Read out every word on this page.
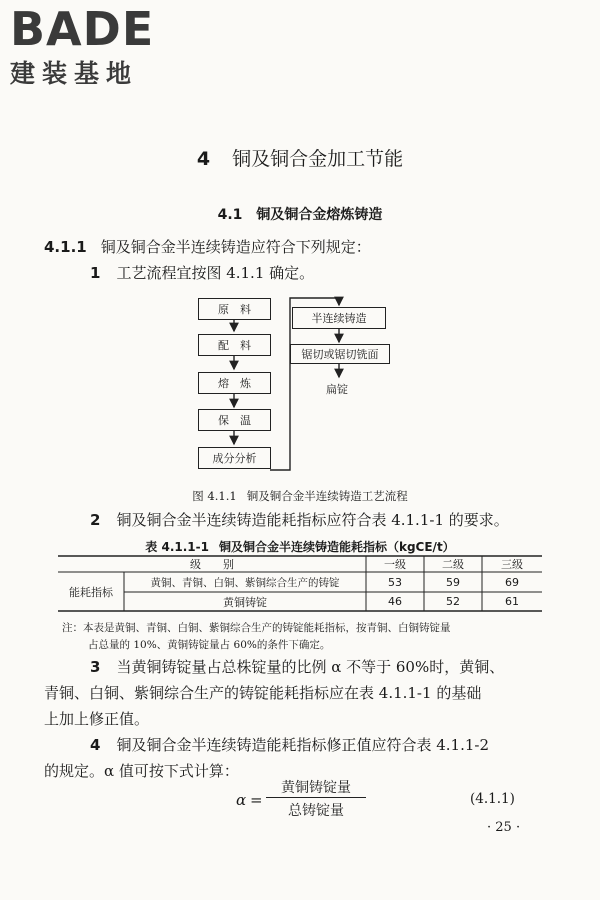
BADE
建装基地
4 铜及铜合金加工节能
4.1 铜及铜合金熔炼铸造
4.1.1 铜及铜合金半连续铸造应符合下列规定：
1 工艺流程宜按图 4.1.1 确定。
原　料
配　料
熔　炼
保　温
成分分析
半连续铸造
锯切或锯切铣面
扁锭
图 4.1.1 铜及铜合金半连续铸造工艺流程
2 铜及铜合金半连续铸造能耗指标应符合表 4.1.1-1 的要求。
表 4.1.1-1 铜及铜合金半连续铸造能耗指标（kgCE/t）
级　　别	一级	二级	三级
能耗指标
黄铜、青铜、白铜、紫铜综合生产的铸锭	53	59	69
黄铜铸锭	46	52	61
注：本表是黄铜、青铜、白铜、紫铜综合生产的铸锭能耗指标，按青铜、白铜铸锭量
占总量的 10%、黄铜铸锭量占 60%的条件下确定。
3 当黄铜铸锭量占总株锭量的比例 α 不等于 60%时，黄铜、
青铜、白铜、紫铜综合生产的铸锭能耗指标应在表 4.1.1-1 的基础
上加上修正值。
4 铜及铜合金半连续铸造能耗指标修正值应符合表 4.1.1-2
的规定。α 值可按下式计算：
α =
黄铜铸锭量
总铸锭量
(4.1.1)
· 25 ·
